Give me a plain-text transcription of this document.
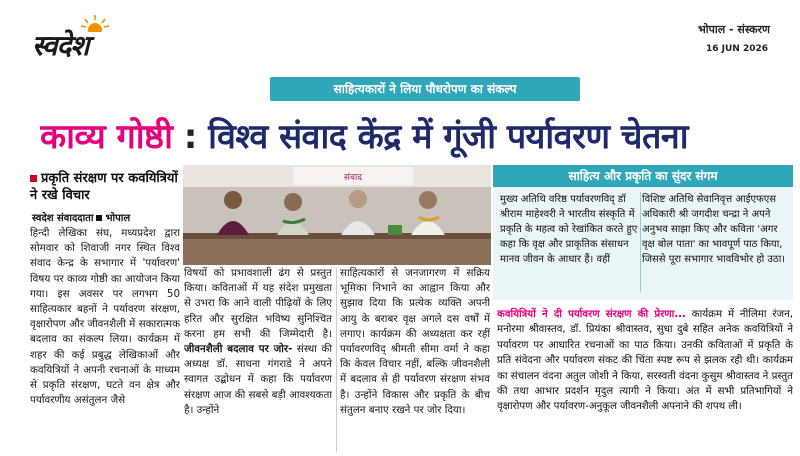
स्वदेश	भोपाल - संस्करण
16 JUN 2026
साहित्यकारों ने लिया पौधरोपण का संकल्प
काव्य गोष्ठी : विश्व संवाद केंद्र में गूंजी पर्यावरण चेतना
प्रकृति संरक्षण पर कवयित्रियों ने रखे विचार
स्वदेश संवाददाता भोपाल
हिन्दी लेखिका संघ, मध्यप्रदेश द्वारा सोमवार को शिवाजी नगर स्थित विश्व संवाद केन्द्र के सभागार में 'पर्यावरण' विषय पर काव्य गोष्ठी का आयोजन किया गया। इस अवसर पर लगभग 50 साहित्यकार बहनों ने पर्यावरण संरक्षण, वृक्षारोपण और जीवनशैली में सकारात्मक बदलाव का संकल्प लिया। कार्यक्रम में शहर की कई प्रबुद्ध लेखिकाओं और कवयित्रियों ने अपनी रचनाओं के माध्यम से प्रकृति संरक्षण, घटते वन क्षेत्र और पर्यावरणीय असंतुलन जैसे
संवाद
विषयों को प्रभावशाली ढंग से प्रस्तुत किया। कविताओं में यह संदेश प्रमुखता से उभरा कि आने वाली पीढ़ियों के लिए हरित और सुरक्षित भविष्य सुनिश्चित करना हम सभी की जिम्मेदारी है। जीवनशैली बदलाव पर जोर- संस्था की अध्यक्ष डॉ. साधना गंगराडे ने अपने स्वागत उद्बोधन में कहा कि पर्यावरण संरक्षण आज की सबसे बड़ी आवश्यकता है। उन्होंने
साहित्यकारों से जनजागरण में सक्रिय भूमिका निभाने का आह्वान किया और सुझाव दिया कि प्रत्येक व्यक्ति अपनी आयु के बराबर वृक्ष अगले दस वर्षों में लगाए। कार्यक्रम की अध्यक्षता कर रहीं पर्यावरणविद् श्रीमती सीमा वर्मा ने कहा कि केवल विचार नहीं, बल्कि जीवनशैली में बदलाव से ही पर्यावरण संरक्षण संभव है। उन्होंने विकास और प्रकृति के बीच संतुलन बनाए रखने पर जोर दिया।
साहित्य और प्रकृति का सुंदर संगम
मुख्य अतिथि वरिष्ठ पर्यावरणविद् डॉ श्रीराम माहेश्वरी ने भारतीय संस्कृति में प्रकृति के महत्व को रेखांकित करते हुए कहा कि वृक्ष और प्राकृतिक संसाधन मानव जीवन के आधार हैं। वहीं
विशिष्ट अतिथि सेवानिवृत्त आईएफएस अधिकारी श्री जगदीश चन्द्रा ने अपने अनुभव साझा किए और कविता 'अगर वृक्ष बोल पाता' का भावपूर्ण पाठ किया, जिससे पूरा सभागार भावविभोर हो उठा।
कवयित्रियों ने दी पर्यावरण संरक्षण की प्रेरणा... कार्यक्रम में नीलिमा रंजन, मनोरमा श्रीवास्तव, डॉ. प्रियंका श्रीवास्तव, सुधा दुबे सहित अनेक कवयित्रियों ने पर्यावरण पर आधारित रचनाओं का पाठ किया। उनकी कविताओं में प्रकृति के प्रति संवेदना और पर्यावरण संकट की चिंता स्पष्ट रूप से झलक रही थी। कार्यक्रम का संचालन वंदना अतुल जोशी ने किया, सरस्वती वंदना कुसुम श्रीवास्तव ने प्रस्तुत की तथा आभार प्रदर्शन मृदुल त्यागी ने किया। अंत में सभी प्रतिभागियों ने वृक्षारोपण और पर्यावरण-अनुकूल जीवनशैली अपनाने की शपथ ली।
